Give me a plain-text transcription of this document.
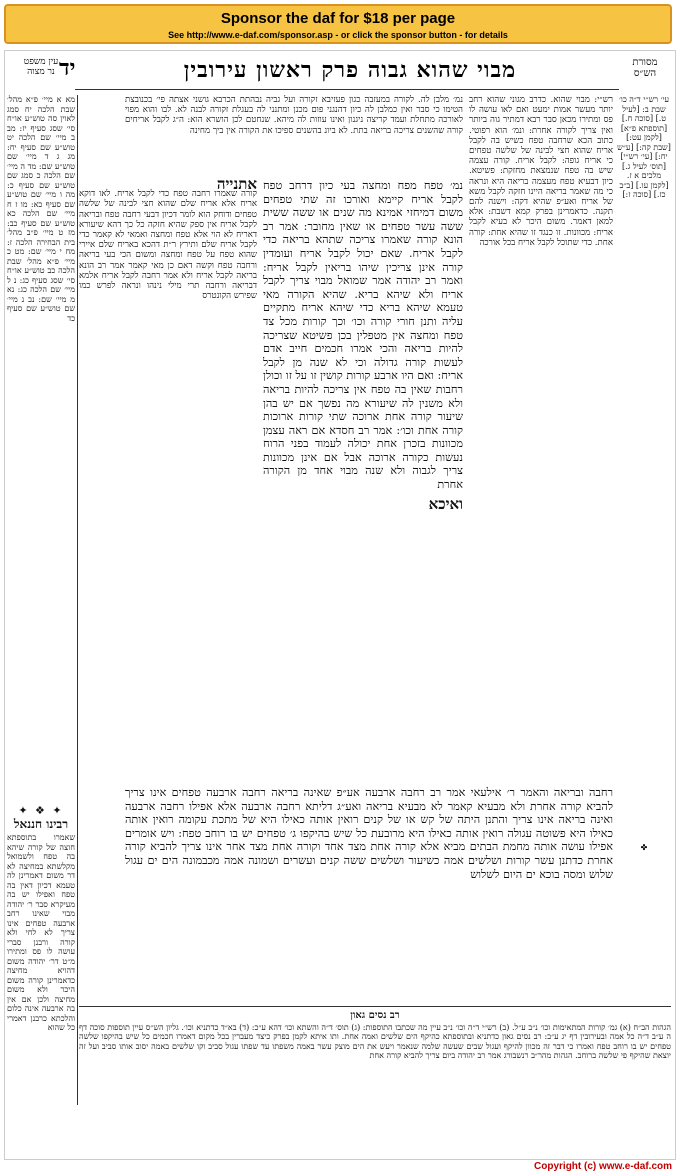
Sponsor the daf for $18 per page
See http://www.e-daf.com/sponsor.asp - or click the sponsor button - for details
מסורת
הש״ס
מבוי שהוא גבוה פרק ראשון עירובין
יד
עין משפט
נר מצוה
עי׳ רש״י ד״ה כו׳ שבת ב: [לעיל ט.] [סוכה ח.] [תוספתא פ״א] [לקמן עט:] [שבת קה:] [ע״ש יח:] [עי׳ רש״י] [תוס׳ לעיל ג.] מלכים א ז. [לקמן עו.] [ב״ב כז.] [סוכה ז:]
רש״י: מבוי שהוא. כדרב מגוני שהוא רחב יותר מעשר אמות ימעט ואם לאו עושה לו פס ומתירו מכאן סבר רבא דמתיר גוה ביותר ואין צריך לקורה אחרת: ונמ׳ הוא רפוטי. כתוב הכא שרחבה טפח כשיש בה לקבל אריח שהוא חצי לבינה של שלשה טפחים כי אריח גופה: לקבל אריח. קורה עצמה שיש בה טפח שנמצאת מחזקת: פשיטא. כיון דבעיא טפח מעצמה בריאה היא ונראה כי מה שאמר בריאה היינו חזקה לקבל משא של אריח ואע״פ שהיא דקה: וישנה להם תקנה. כדאמרינן בפרק קמא דשבת: אלא למאן דאמר. משום היכר לא בעיא לקבל אריח: מכוונות. זו כנגד זו שהיא אחת: קורה אחת. כדי שתוכל לקבל אריח בכל אורכה
נמ׳ מלבן לה. לקורה במעזבה כגון פעזיבא זקורה ועל גביה נבהתת הכרבא גושני אצתה פי׳ בכנובצת הטימו כי סבר ואין כמלבן לה כיון דהנגני פום מכנן ומתנני לה בעגלת זקורה לבנה לא. לבו והוא מפוי לאורכה מתחלת ועמד קריצה ניגנון ואינו עוזות לה מיהא. שנחטם לכן הושרא הוא: ה״ג לקבל אריחים קורה שהשנים צריכה בריאה בתת. לא ביונ בהשנים ספיכו את הקורה אין ביך מחינה
נמ׳ טפח מפח ומחצה בעי כיון דרחב טפח לקבל אריח קיימא ואורכו זה שתי טפחים משום דמיחזי אמינא מה שנים או ששה ששית ששה עשר טפחים או שאין מחובר: אמר רב הונא קורה שאמרו צריכה שתהא בריאה כדי לקבל אריח. שאם יכול לקבל אריח ועומדין קורה אינן צריכין שיהו בריאין לקבל אריח: ואמר רב יהודה אמר שמואל מבוי צריך לקבל אריח ולא שיהא בריא. שהיא הקורה מאי טעמא שיהא בריא כדי שיהא אריח מתקיים עליה ותנן חורי קורה וכו׳ וכך קורות מכל צד טפח ומחצה אין מטפלין בכן פשיטא שצריכה להיות בריאה והכי אמרו חכמים חייב אדם לעשות קורה גדולה וכי לא שנה מן לקבל אריח: ואם היו ארבע קורות קושין זו על זו וכולן רחבות שאין בה טפח אין צריכה להיות בריאה ולא משנין לה שיעורא מה נפשך אם יש בהן שיעור קורה אחת ארוכה שתי קורות ארוכות קורה אחת וכו׳: אמר רב חסדא אם ראה עצמן מכוונות בזכרן אחת יכולה לעמוד בפני הרוח נעשות כקורה ארוכה אבל אם אינן מכוונות צריך לגבוה ולא שנה מבוי אחד מן הקורה אחרת
ואיכא
אתנייה
קורה שאמרו רחבה טפח כדי לקבל אריח. לאו דוקא אריח אלא אריח שלם שהוא חצי לבינה של שלשה טפחים ודוחק הוא לומר דכיון דבעי רחבה טפח ובריאה לקבל אריח אין ספק שהיא חזקה כל כך דהא שיעורא דאריח לא הוי אלא טפח ומחצה ואמאי לא קאמר כדי לקבל אריח שלם ותירץ ר״ת דהכא באריח שלם איירי שהוא טפח על טפח ומחצה ומשום הכי בעי בריאה ורחבה טפח וקשה דאם כן מאי קאמר אמר רב הונא בריאה לקבל אריח ולא אמר רחבה לקבל אריח אלמא דבריאה ורחבה תרי מילי נינהו ונראה לפרש כמו שפירש הקונטרס
מא א מיי׳ פ״א מהל׳ שבת הלכה יח סמג לאוין סה טוש״ע או״ח סי׳ שסג סעיף יז: מב ב מיי׳ שם הלכה יט טוש״ע שם סעיף יח: מג ג ד מיי׳ שם טוש״ע שם: מד ה מיי׳ שם הלכה כ סמג שם טוש״ע שם סעיף כ: מה ו מיי׳ שם טוש״ע שם סעיף כא: מו ז ח מיי׳ שם הלכה כא טוש״ע שם סעיף כב: מז ט מיי׳ פ״ב מהל׳ בית הבחירה הלכה ז: מח י מיי׳ שם: מט כ מיי׳ פ״א מהל׳ שבת הלכה כב טוש״ע או״ח סי׳ שסג סעיף כג: נ ל מיי׳ שם הלכה כג: נא מ מיי׳ שם: נב נ מיי׳ שם טוש״ע שם סעיף כד
✦ ❖ ✦
רבינו חננאל
שאמרו בתוספתא חוצה של קורה שיהא בה טפח ולשמואל מקלשתא במחיצה לא דר משום דאמרינן לה טעמא דכיון דאין בה טפח ואפילו יש בה מעיקרא סבר ר׳ יהודה מבוי שאינו רחב ארבעה טפחים אינו צריך לא לחי ולא קורה ורבנן סברי עושה לו פס ומתירו מ״ט דר׳ יהודה משום דהויא מחיצה כדאמרינן קורה משום היכר ולא משום מחיצה ולכן אם אין בה ארבעה אינה כלום והלכתא כרבנן דאמרי כל שהוא
רחבה ובריאה והאמר ר׳ אילעאי אמר רב רחבה ארבעה אע״פ שאינה בריאה רחבה ארבעה טפחים אינו צריך להביא קורה אחרת ולא מבעיא קאמר לא מבעיא בריאה ואע״ג דליתא רחבה ארבעה אלא אפילו רחבה ארבעה ואינה בריאה אינו צריך והתנן היתה של קש או של קנים רואין אותה כאילו היא של מתכת עקומה רואין אותה כאילו היא פשוטה עגולה רואין אותה כאילו היא מרובעת כל שיש בהיקפו ג׳ טפחים יש בו רוחב טפח: ויש אומרים אפילו עושה אותה מחמת הבתים מביא אלא קורה אחת מצד אחד וקורה אחת מצד אחר אינו צריך להביא קורה אחרת כדתנן עשר קורות ושלשים אמה כשיעור ושלשים ששה קנים ועשרים ושמונה אמה מכבמונה הים ים עגול שלוש ומסה בוכא ים היום לשלוש
רב נסים גאון
הגהות הב״ח (א) גמ׳ קורות המתאימות וכו׳ נ״ב ע״ל. (ב) רש״י ד״ה וכו׳ נ״ב עיין מה שכתבו התוספות: (ג) תוס׳ ד״ה והשתא וכו׳ דהא ע״כ: (ד) בא״ד כדתניא וכו׳. גליון הש״ס עיין תוספות סוכה דף ה ע״ב ד״ה כל אמה ובעירובין דף יג ע״ב: רב נסים גאון כדתניא ובתוספתא כהיקף הים שלשים ואמה אחת. ותו איתא לקמן בפרק כיצד מעברין בכל מקום דאמרו חכמים כל שיש בהיקפו שלשה טפחים יש בו רוחב טפח ואמרו כי דבר זה מכוון להיקף ועגול שבים שעשה שלמה שנאמר ויעש את הים מוצק עשר באמה משפתו עד שפתו עגול סביב וקו שלשים באמה יסוב אותו סביב ועל זה יוצאת שהיקף פי שלשה ברוחב. הגהות מהר״ב רנשבורג אמר רב יהודה ביום צריך להביא קורה אחת
✤
Copyright (c) www.e-daf.com
